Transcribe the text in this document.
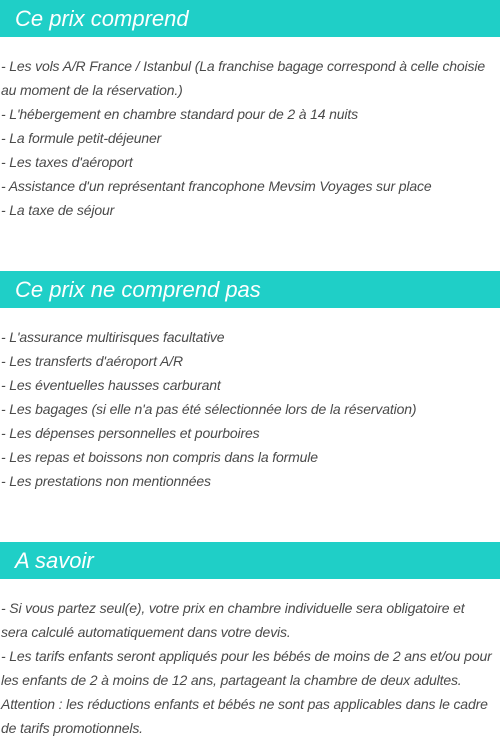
Ce prix comprend
- Les vols A/R France / Istanbul (La franchise bagage correspond à celle choisie
au moment de la réservation.)
- L'hébergement en chambre standard pour de 2 à 14 nuits
- La formule petit-déjeuner
- Les taxes d'aéroport
- Assistance d'un représentant francophone Mevsim Voyages sur place
- La taxe de séjour
Ce prix ne comprend pas
- L'assurance multirisques facultative
- Les transferts d'aéroport A/R
- Les éventuelles hausses carburant
- Les bagages (si elle n'a pas été sélectionnée lors de la réservation)
- Les dépenses personnelles et pourboires
- Les repas et boissons non compris dans la formule
- Les prestations non mentionnées
A savoir
- Si vous partez seul(e), votre prix en chambre individuelle sera obligatoire et
sera calculé automatiquement dans votre devis.
- Les tarifs enfants seront appliqués pour les bébés de moins de 2 ans et/ou pour
les enfants de 2 à moins de 12 ans, partageant la chambre de deux adultes.
Attention : les réductions enfants et bébés ne sont pas applicables dans le cadre
de tarifs promotionnels.
